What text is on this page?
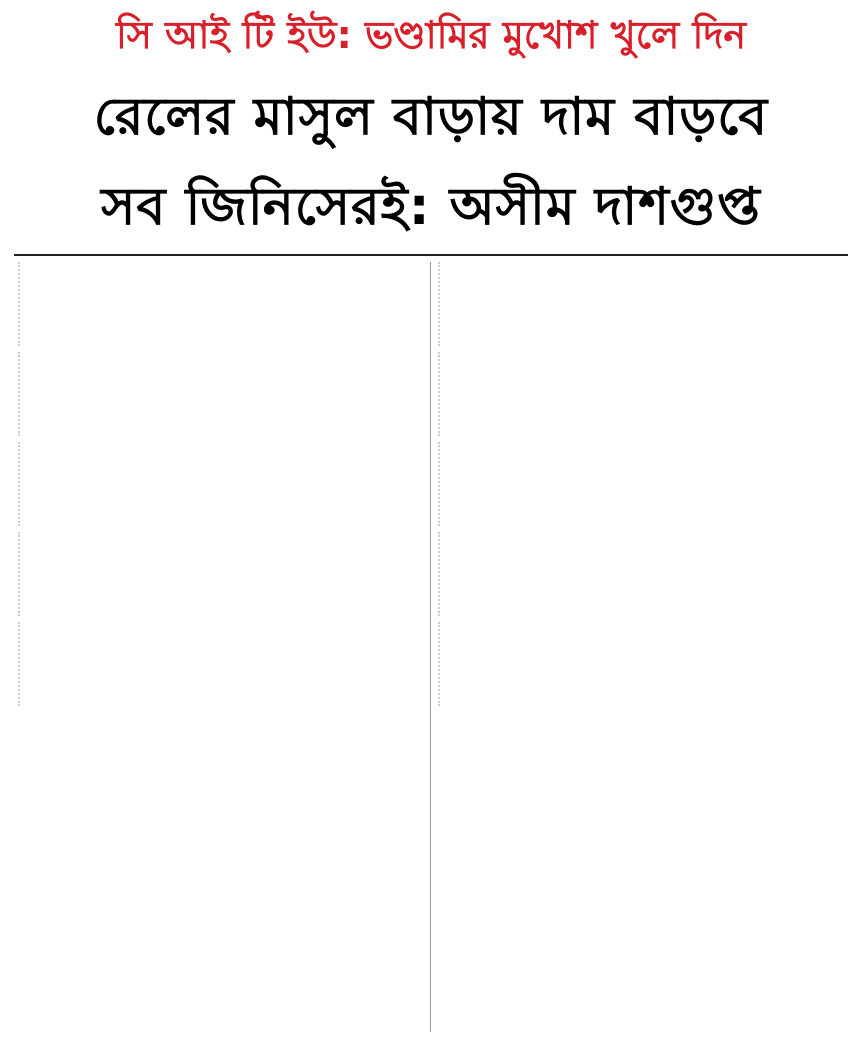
সি আই টি ইউ: ভণ্ডামির মুখোশ খুলে দিন
রেলের মাসুল বাড়ায় দাম বাড়বে
সব জিনিসেরই: অসীম দাশগুপ্ত
